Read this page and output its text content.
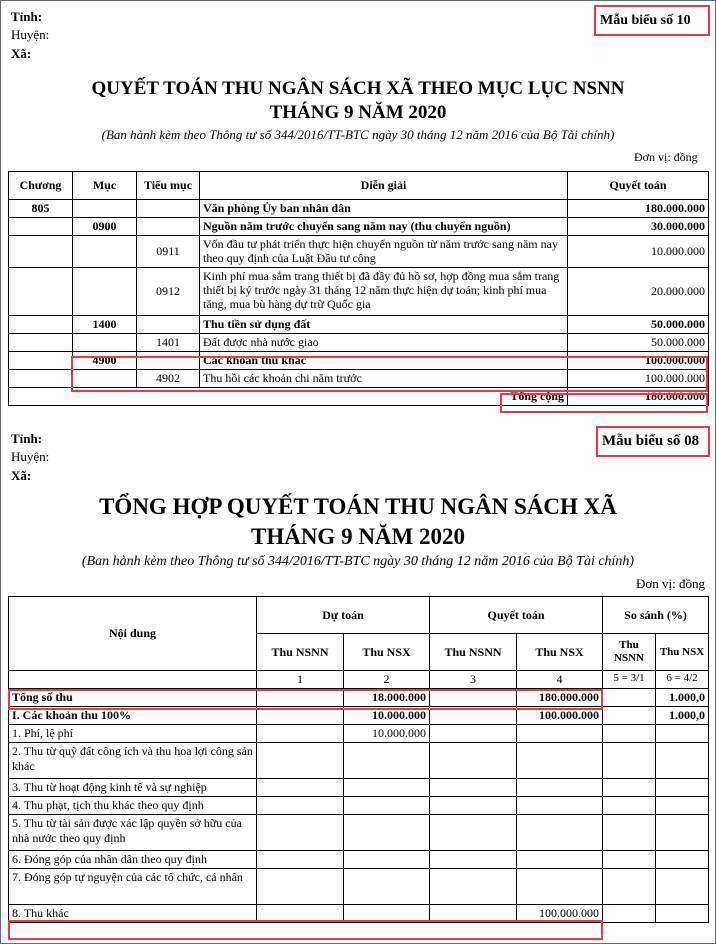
Tỉnh:
Huyện:
Xã:
Mẫu biểu số 10
QUYẾT TOÁN THU NGÂN SÁCH XÃ THEO MỤC LỤC NSNN
THÁNG 9 NĂM 2020
(Ban hành kèm theo Thông tư số 344/2016/TT-BTC ngày 30 tháng 12 năm 2016 của Bộ Tài chính)
Đơn vị: đồng
Chương	Mục	Tiểu mục	Diễn giải	Quyết toán
805			Văn phòng Ủy ban nhân dân	180.000.000
	0900		Nguồn năm trước chuyển sang năm nay (thu chuyển nguồn)	30.000.000
		0911	Vốn đầu tư phát triển thực hiện chuyển nguồn từ năm trước sang năm nay theo quy định của Luật Đầu tư công	10.000.000
		0912	Kinh phí mua sắm trang thiết bị đã đầy đủ hồ sơ, hợp đồng mua sắm trang thiết bị ký trước ngày 31 tháng 12 năm thực hiện dự toán; kinh phí mua tăng, mua bù hàng dự trữ Quốc gia	20.000.000
	1400		Thu tiền sử dụng đất	50.000.000
		1401	Đất được nhà nước giao	50.000.000
	4900		Các khoản thu khác	100.000.000
		4902	Thu hồi các khoản chi năm trước	100.000.000
Tổng cộng				180.000.000
Tỉnh:
Huyện:
Xã:
Mẫu biểu số 08
TỔNG HỢP QUYẾT TOÁN THU NGÂN SÁCH XÃ
THÁNG 9 NĂM 2020
(Ban hành kèm theo Thông tư số 344/2016/TT-BTC ngày 30 tháng 12 năm 2016 của Bộ Tài chính)
Đơn vị: đồng
Nội dung	Dự toán		Quyết toán		So sánh (%)	
	Thu NSNN	Thu NSX	Thu NSNN	Thu NSX	Thu NSNN	Thu NSX
	1	2	3	4	5 = 3/1	6 = 4/2
Tổng số thu		18.000.000		180.000.000		1.000,0
I. Các khoản thu 100%		10.000.000		100.000.000		1.000,0
1. Phí, lệ phí		10.000.000				
2. Thu từ quỹ đất công ích và thu hoa lợi công sản khác						
3. Thu từ hoạt động kinh tế và sự nghiệp						
4. Thu phạt, tịch thu khác theo quy định						
5. Thu từ tài sản được xác lập quyền sở hữu của nhà nước theo quy định						
6. Đóng góp của nhân dân theo quy định						
7. Đóng góp tự nguyện của các tổ chức, cá nhân						
8. Thu khác				100.000.000		
